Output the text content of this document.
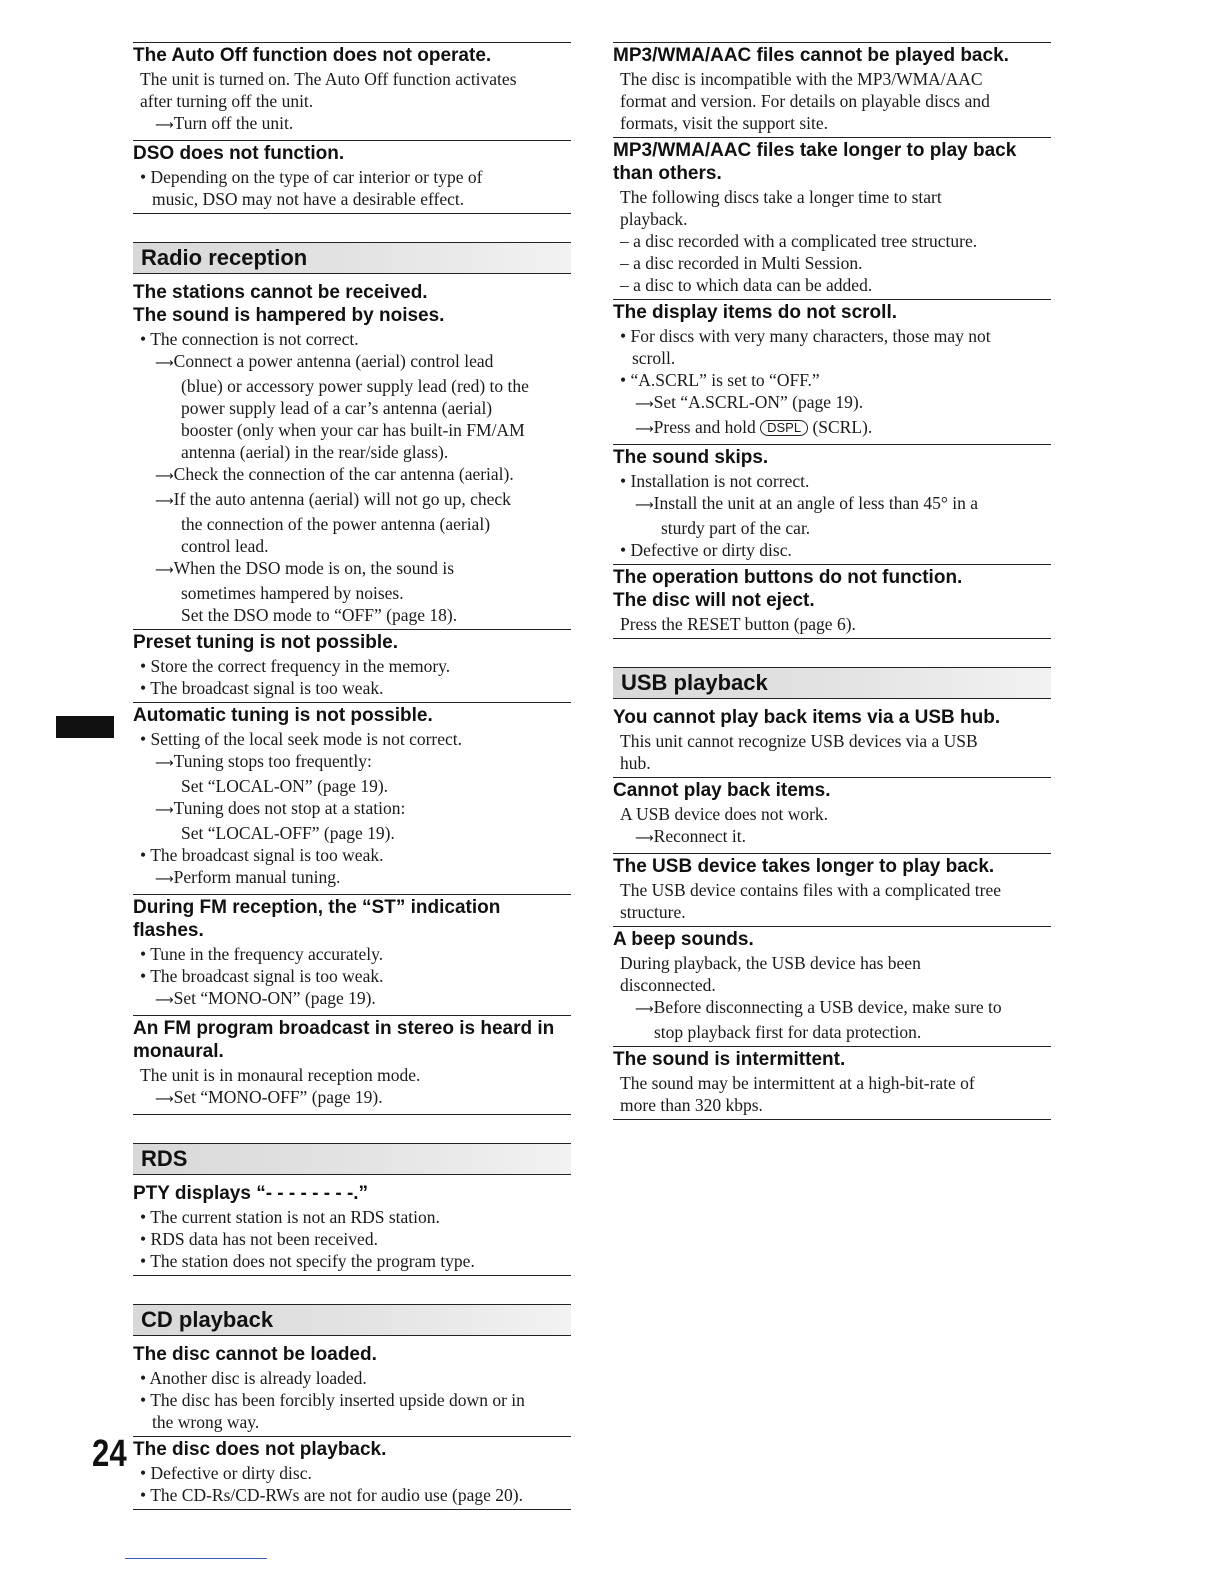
The Auto Off function does not operate.
The unit is turned on. The Auto Off function activates
after turning off the unit.
⟶Turn off the unit.
DSO does not function.
• Depending on the type of car interior or type of
music, DSO may not have a desirable effect.
Radio reception
The stations cannot be received.
The sound is hampered by noises.
• The connection is not correct.
⟶Connect a power antenna (aerial) control lead
(blue) or accessory power supply lead (red) to the
power supply lead of a car’s antenna (aerial)
booster (only when your car has built-in FM/AM
antenna (aerial) in the rear/side glass).
⟶Check the connection of the car antenna (aerial).
⟶If the auto antenna (aerial) will not go up, check
the connection of the power antenna (aerial)
control lead.
⟶When the DSO mode is on, the sound is
sometimes hampered by noises.
Set the DSO mode to “OFF” (page 18).
Preset tuning is not possible.
• Store the correct frequency in the memory.
• The broadcast signal is too weak.
Automatic tuning is not possible.
• Setting of the local seek mode is not correct.
⟶Tuning stops too frequently:
Set “LOCAL-ON” (page 19).
⟶Tuning does not stop at a station:
Set “LOCAL-OFF” (page 19).
• The broadcast signal is too weak.
⟶Perform manual tuning.
During FM reception, the “ST” indication
flashes.
• Tune in the frequency accurately.
• The broadcast signal is too weak.
⟶Set “MONO-ON” (page 19).
An FM program broadcast in stereo is heard in
monaural.
The unit is in monaural reception mode.
⟶Set “MONO-OFF” (page 19).
RDS
PTY displays “- - - - - - - -.”
• The current station is not an RDS station.
• RDS data has not been received.
• The station does not specify the program type.
CD playback
The disc cannot be loaded.
• Another disc is already loaded.
• The disc has been forcibly inserted upside down or in
the wrong way.
The disc does not playback.
• Defective or dirty disc.
• The CD-Rs/CD-RWs are not for audio use (page 20).
MP3/WMA/AAC files cannot be played back.
The disc is incompatible with the MP3/WMA/AAC
format and version. For details on playable discs and
formats, visit the support site.
MP3/WMA/AAC files take longer to play back
than others.
The following discs take a longer time to start
playback.
– a disc recorded with a complicated tree structure.
– a disc recorded in Multi Session.
– a disc to which data can be added.
The display items do not scroll.
• For discs with very many characters, those may not
scroll.
• “A.SCRL” is set to “OFF.”
⟶Set “A.SCRL-ON” (page 19).
⟶Press and hold DSPL (SCRL).
The sound skips.
• Installation is not correct.
⟶Install the unit at an angle of less than 45° in a
sturdy part of the car.
• Defective or dirty disc.
The operation buttons do not function.
The disc will not eject.
Press the RESET button (page 6).
USB playback
You cannot play back items via a USB hub.
This unit cannot recognize USB devices via a USB
hub.
Cannot play back items.
A USB device does not work.
⟶Reconnect it.
The USB device takes longer to play back.
The USB device contains files with a complicated tree
structure.
A beep sounds.
During playback, the USB device has been
disconnected.
⟶Before disconnecting a USB device, make sure to
stop playback first for data protection.
The sound is intermittent.
The sound may be intermittent at a high-bit-rate of
more than 320 kbps.
24
